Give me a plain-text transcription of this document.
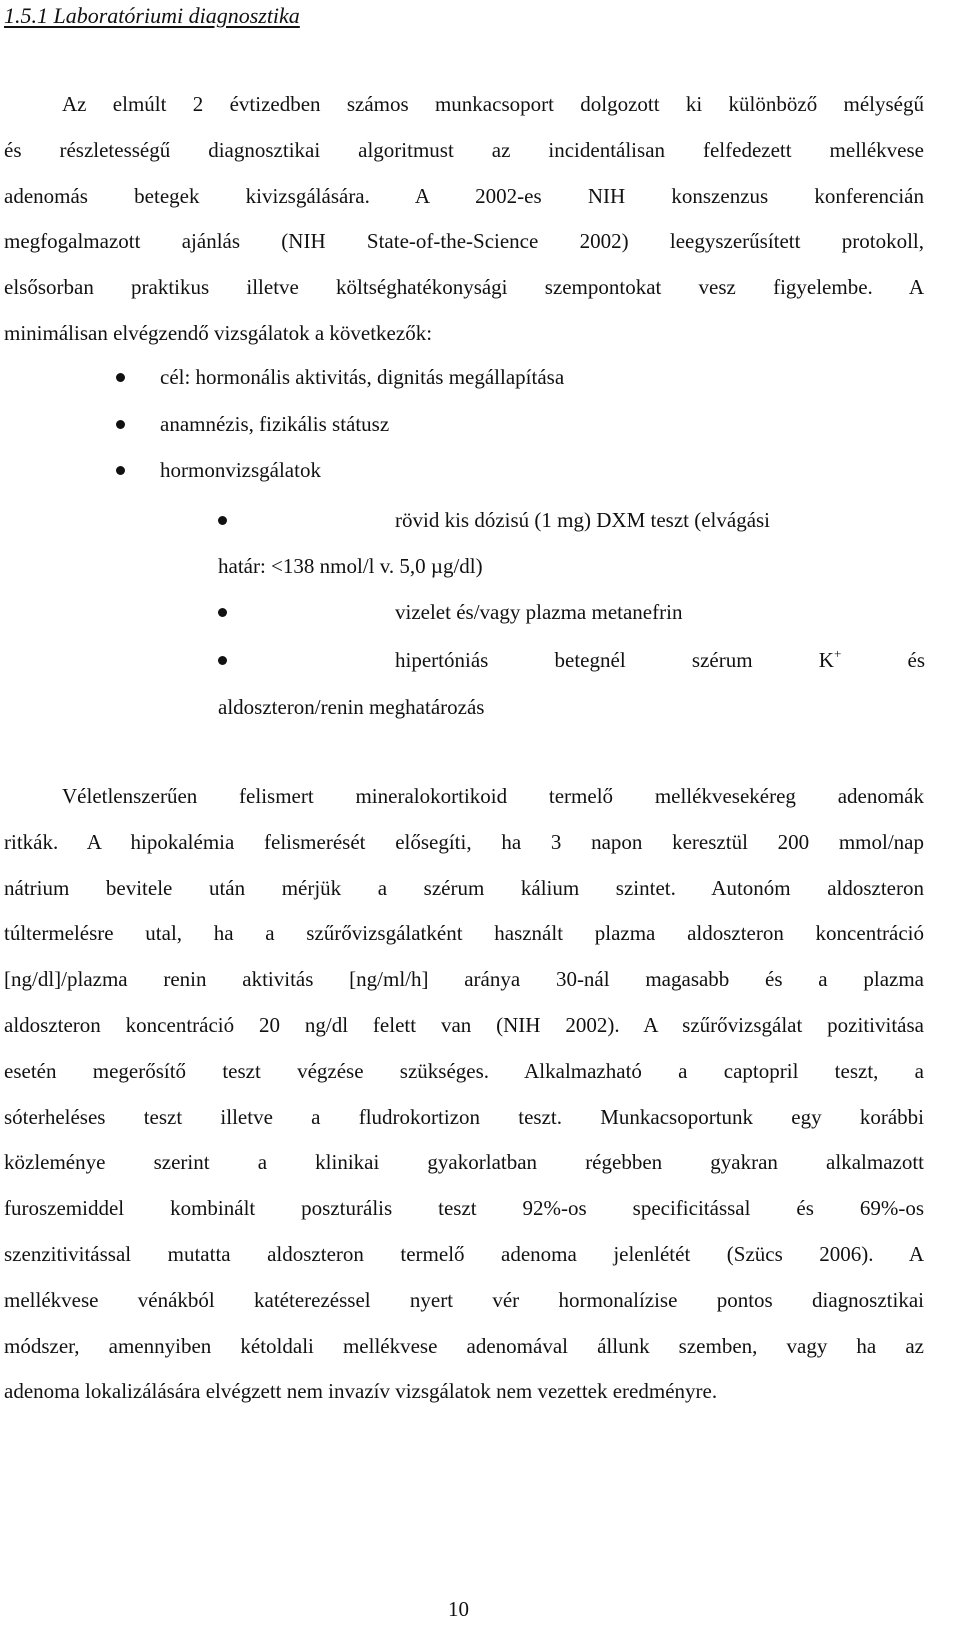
1.5.1 Laboratóriumi diagnosztika
Az elmúlt 2 évtizedben számos munkacsoport dolgozott ki különböző mélységű
és részletességű diagnosztikai algoritmust az incidentálisan felfedezett mellékvese
adenomás betegek kivizsgálására. A 2002-es NIH konszenzus konferencián
megfogalmazott ajánlás (NIH State-of-the-Science 2002) leegyszerűsített protokoll,
elsősorban praktikus illetve költséghatékonysági szempontokat vesz figyelembe. A
minimálisan elvégzendő vizsgálatok a következők:
cél: hormonális aktivitás, dignitás megállapítása
anamnézis, fizikális státusz
hormonvizsgálatok
rövid kis dózisú (1 mg) DXM teszt (elvágási
határ: <138 nmol/l v. 5,0 µg/dl)
vizelet és/vagy plazma metanefrin
hipertóniás	betegnél	szérum	K+	és
aldoszteron/renin meghatározás
Véletlenszerűen felismert mineralokortikoid termelő mellékvesekéreg adenomák
ritkák. A hipokalémia felismerését elősegíti, ha 3 napon keresztül 200 mmol/nap
nátrium bevitele után mérjük a szérum kálium szintet. Autonóm aldoszteron
túltermelésre utal, ha a szűrővizsgálatként használt plazma aldoszteron koncentráció
[ng/dl]/plazma renin aktivitás [ng/ml/h] aránya 30-nál magasabb és a plazma
aldoszteron koncentráció 20 ng/dl felett van (NIH 2002). A szűrővizsgálat pozitivitása
esetén megerősítő teszt végzése szükséges. Alkalmazható a captopril teszt, a
sóterheléses teszt illetve a fludrokortizon teszt. Munkacsoportunk egy korábbi
közleménye szerint a klinikai gyakorlatban régebben gyakran alkalmazott
furoszemiddel kombinált poszturális teszt 92%-os specificitással és 69%-os
szenzitivitással mutatta aldoszteron termelő adenoma jelenlétét (Szücs 2006). A
mellékvese vénákból katéterezéssel nyert vér hormonalízise pontos diagnosztikai
módszer, amennyiben kétoldali mellékvese adenomával állunk szemben, vagy ha az
adenoma lokalizálására elvégzett nem invazív vizsgálatok nem vezettek eredményre.
10
